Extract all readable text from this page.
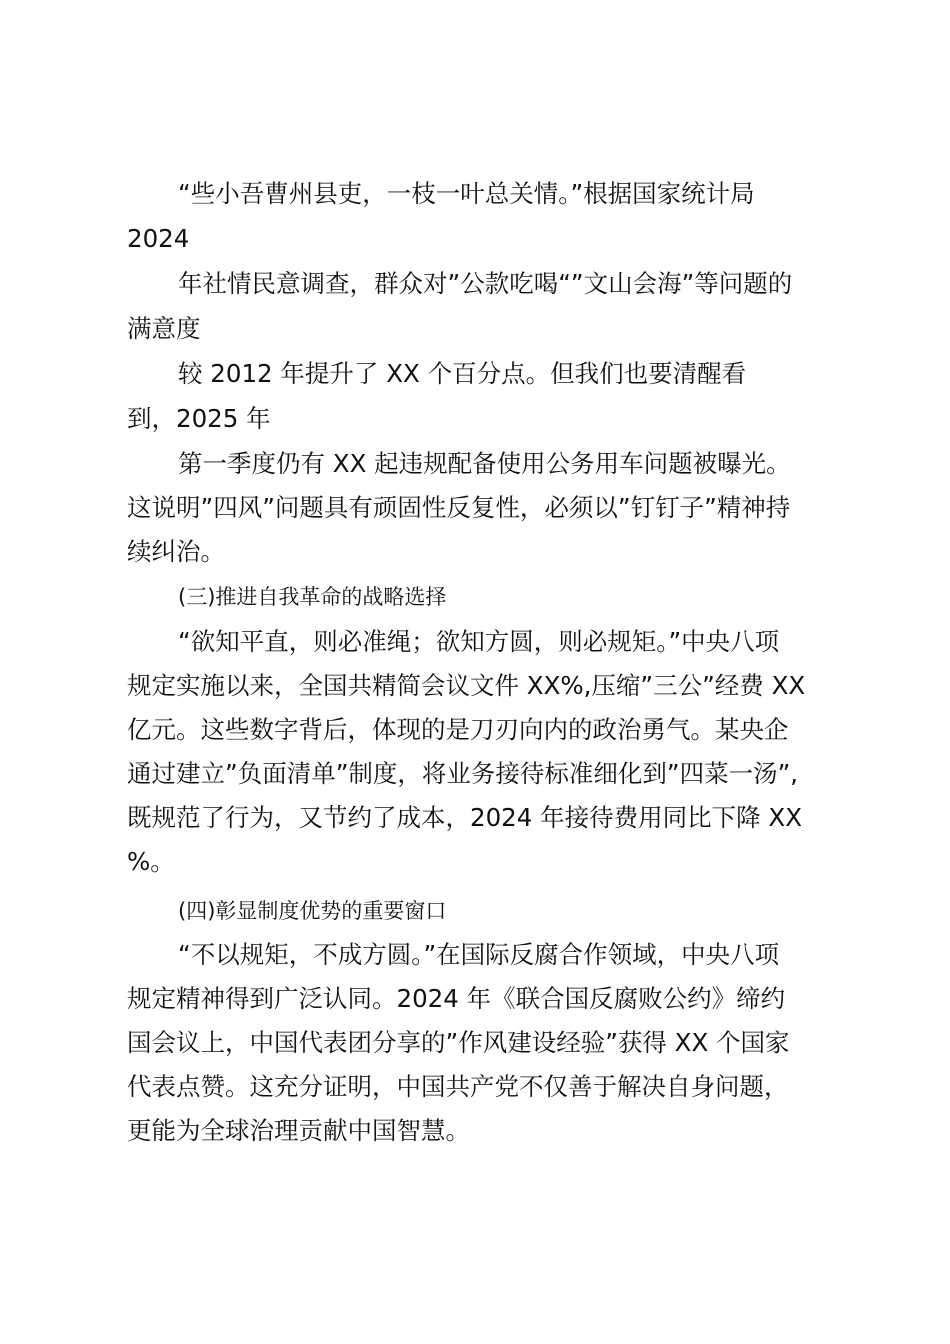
“些小吾曹州县吏，一枝一叶总关情。”根据国家统计局
2024
年社情民意调查，群众对”公款吃喝“”文山会海”等问题的
满意度
较 2012 年提升了 XX 个百分点。但我们也要清醒看
到，2025 年
第一季度仍有 XX 起违规配备使用公务用车问题被曝光。
这说明”四风”问题具有顽固性反复性，必须以”钉钉子”精神持
续纠治。
(三)推进自我革命的战略选择
“欲知平直，则必准绳；欲知方圆，则必规矩。”中央八项
规定实施以来，全国共精简会议文件 XX%,压缩”三公”经费 XX
亿元。这些数字背后，体现的是刀刃向内的政治勇气。某央企
通过建立”负面清单”制度，将业务接待标准细化到”四菜一汤”,
既规范了行为，又节约了成本，2024 年接待费用同比下降 XX
%。
(四)彰显制度优势的重要窗口
“不以规矩，不成方圆。”在国际反腐合作领域，中央八项
规定精神得到广泛认同。2024 年《联合国反腐败公约》缔约
国会议上，中国代表团分享的”作风建设经验”获得 XX 个国家
代表点赞。这充分证明，中国共产党不仅善于解决自身问题，
更能为全球治理贡献中国智慧。
